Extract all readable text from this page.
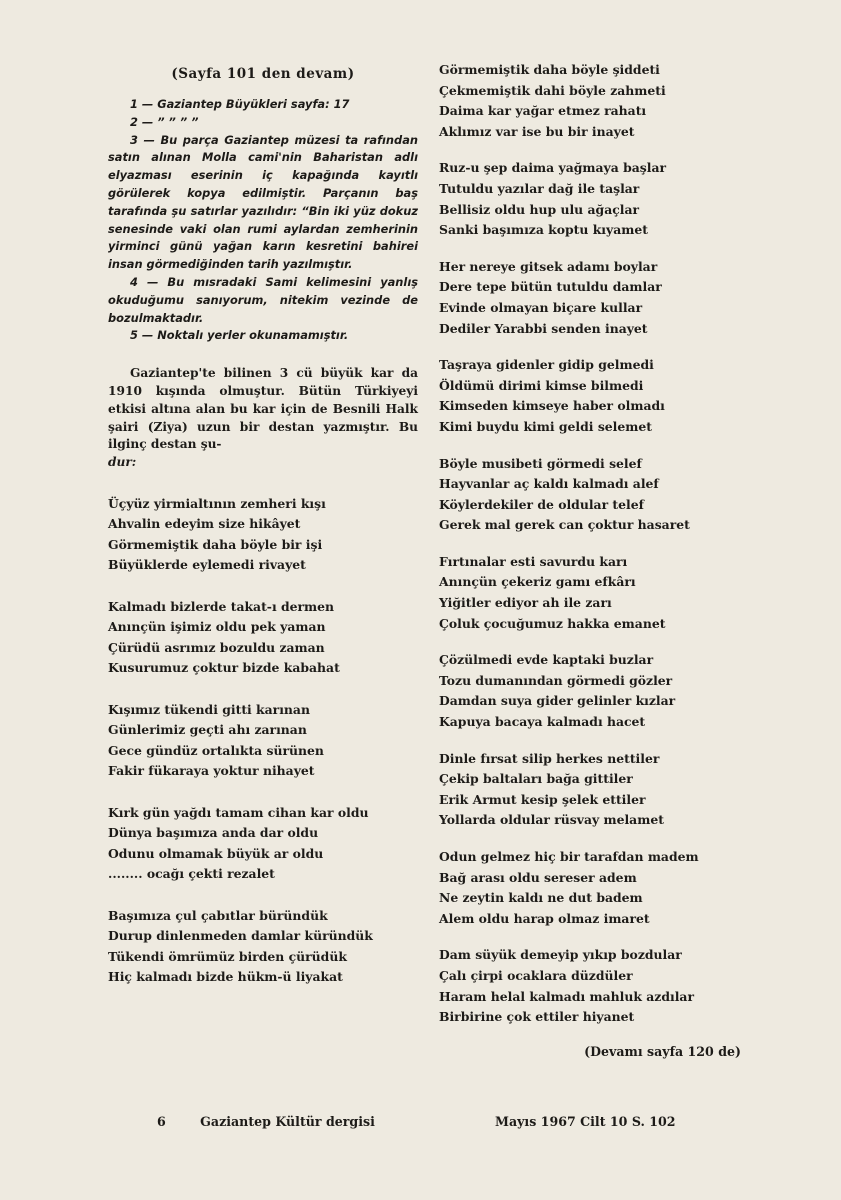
(Sayfa 101 den devam)

1 — Gaziantep Büyükleri sayfa: 17

2 — ” ” ” ”

3 — Bu parça Gaziantep müzesi ta rafından satın alınan Molla cami'nin Baharistan adlı elyazması eserinin iç kapağında kayıtlı görülerek kopya edilmiştir. Parçanın baş tarafında şu satırlar yazılıdır: “Bin iki yüz dokuz senesinde vaki olan rumi aylardan zemherinin yirminci günü yağan karın kesretini bahirei insan görmediğinden tarih yazılmıştır.

4 — Bu mısradaki Sami kelimesini yanlış okuduğumu sanıyorum, nitekim vezinde de bozulmaktadır.

5 — Noktalı yerler okunamamıştır.

Gaziantep'te bilinen 3 cü büyük kar da 1910 kışında olmuştur. Bütün Türkiyeyi etkisi altına alan bu kar için de Besnili Halk şairi (Ziya) uzun bir destan yazmıştır. Bu ilginç destan şu-
dur:
Üçyüz yirmialtının zemheri kışı
Ahvalin edeyim size hikâyet
Görmemiştik daha böyle bir işi
Büyüklerde eylemedi rivayet
Kalmadı bizlerde takat-ı dermen
Anınçün işimiz oldu pek yaman
Çürüdü asrımız bozuldu zaman
Kusurumuz çoktur bizde kabahat
Kışımız tükendi gitti karınan
Günlerimiz geçti ahı zarınan
Gece gündüz ortalıkta sürünen
Fakir fükaraya yoktur nihayet
Kırk gün yağdı tamam cihan kar oldu
Dünya başımıza anda dar oldu
Odunu olmamak büyük ar oldu
........ ocağı çekti rezalet
Başımıza çul çabıtlar büründük
Durup dinlenmeden damlar küründük
Tükendi ömrümüz birden çürüdük
Hiç kalmadı bizde hükm-ü liyakat
Görmemiştik daha böyle şiddeti
Çekmemiştik dahi böyle zahmeti
Daima kar yağar etmez rahatı
Aklımız var ise bu bir inayet
Ruz-u şep daima yağmaya başlar
Tutuldu yazılar dağ ile taşlar
Bellisiz oldu hup ulu ağaçlar
Sanki başımıza koptu kıyamet
Her nereye gitsek adamı boylar
Dere tepe bütün tutuldu damlar
Evinde olmayan biçare kullar
Dediler Yarabbi senden inayet
Taşraya gidenler gidip gelmedi
Öldümü dirimi kimse bilmedi
Kimseden kimseye haber olmadı
Kimi buydu kimi geldi selemet
Böyle musibeti görmedi selef
Hayvanlar aç kaldı kalmadı alef
Köylerdekiler de oldular telef
Gerek mal gerek can çoktur hasaret
Fırtınalar esti savurdu karı
Anınçün çekeriz gamı efkârı
Yiğitler ediyor ah ile zarı
Çoluk çocuğumuz hakka emanet
Çözülmedi evde kaptaki buzlar
Tozu dumanından görmedi gözler
Damdan suya gider gelinler kızlar
Kapuya bacaya kalmadı hacet
Dinle fırsat silip herkes nettiler
Çekip baltaları bağa gittiler
Erik Armut kesip şelek ettiler
Yollarda oldular rüsvay melamet
Odun gelmez hiç bir tarafdan madem
Bağ arası oldu sereser adem
Ne zeytin kaldı ne dut badem
Alem oldu harap olmaz imaret
Dam süyük demeyip yıkıp bozdular
Çalı çirpi ocaklara düzdüler
Haram helal kalmadı mahluk azdılar
Birbirine çok ettiler hiyanet
(Devamı sayfa 120 de)
6	Gaziantep Kültür dergisi	Mayıs 1967 Cilt 10 S. 102
